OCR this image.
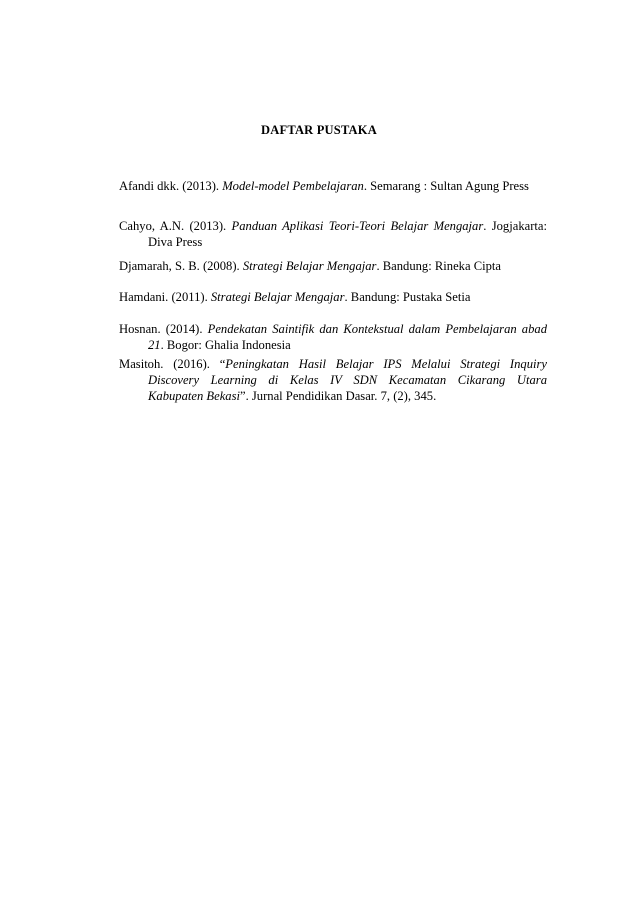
DAFTAR PUSTAKA
Afandi dkk. (2013). Model-model Pembelajaran. Semarang : Sultan Agung Press
Cahyo, A.N. (2013). Panduan Aplikasi Teori-Teori Belajar Mengajar. Jogjakarta:
Diva Press
Djamarah, S. B. (2008). Strategi Belajar Mengajar. Bandung: Rineka Cipta
Hamdani. (2011). Strategi Belajar Mengajar. Bandung: Pustaka Setia
Hosnan. (2014). Pendekatan Saintifik dan Kontekstual dalam Pembelajaran abad
21. Bogor: Ghalia Indonesia
Masitoh. (2016). “Peningkatan Hasil Belajar IPS Melalui Strategi Inquiry
Discovery Learning di Kelas IV SDN Kecamatan Cikarang Utara
Kabupaten Bekasi”. Jurnal Pendidikan Dasar. 7, (2), 345.
